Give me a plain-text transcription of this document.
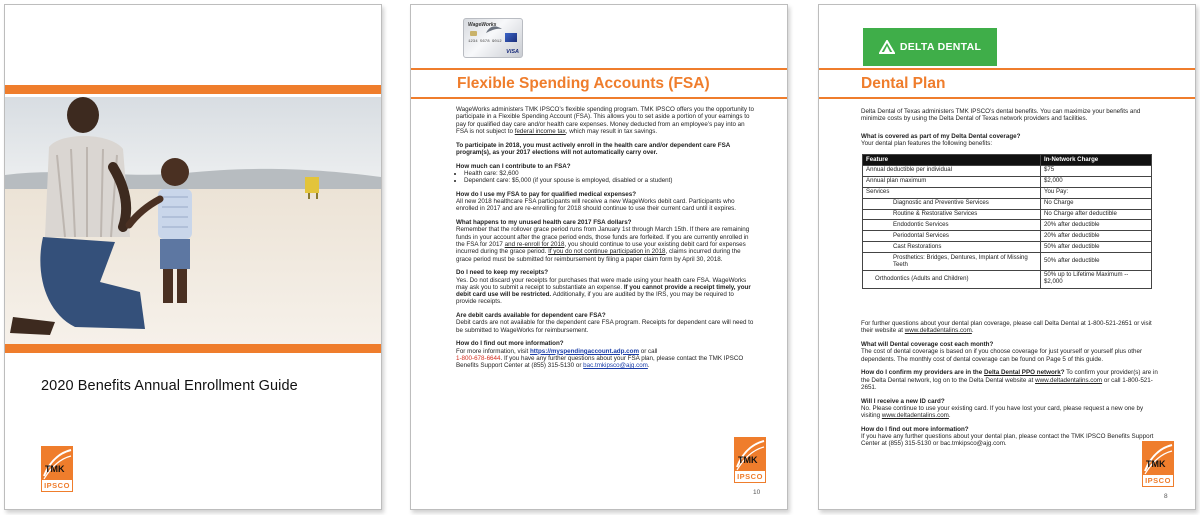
2020 Benefits Annual Enrollment Guide
TMK
IPSCO
WageWorks
1234 5678 9012
VISA
Flexible Spending Accounts (FSA)

WageWorks administers TMK IPSCO’s flexible spending program. TMK IPSCO offers you the opportunity to participate in a Flexible Spending Account (FSA). This allows you to set aside a portion of your earnings to pay for qualified day care and/or health care expenses. Money deducted from an employee’s pay into an FSA is not subject to federal income tax, which may result in tax savings.

To participate in 2018, you must actively enroll in the health care and/or dependent care FSA program(s), as your 2017 elections will not automatically carry over.

How much can I contribute to an FSA?
• Health care: $2,600
• Dependent care: $5,000 (if your spouse is employed, disabled or a student)
How do I use my FSA to pay for qualified medical expenses?

All new 2018 healthcare FSA participants will receive a new WageWorks debit card. Participants who enrolled in 2017 and are re-enrolling for 2018 should continue to use their current card until it expires.

What happens to my unused health care 2017 FSA dollars?

Remember that the rollover grace period runs from January 1st through March 15th. If there are remaining funds in your account after the grace period ends, those funds are forfeited. If you are currently enrolled in the FSA for 2017 and re-enroll for 2018, you should continue to use your existing debit card for expenses incurred during the grace period. If you do not continue participation in 2018, claims incurred during the grace period must be submitted for reimbursement by filing a paper claim form by April 30, 2018.

Do I need to keep my receipts?

Yes. Do not discard your receipts for purchases that were made using your health care FSA. WageWorks may ask you to submit a receipt to substantiate an expense. If you cannot provide a receipt timely, your debit card use will be restricted. Additionally, if you are audited by the IRS, you may be required to provide receipts.

Are debit cards available for dependent care FSA?

Debit cards are not available for the dependent care FSA program. Receipts for dependent care will need to be submitted to WageWorks for reimbursement.

How do I find out more information?

For more information, visit https://myspendingaccount.adp.com or call
1-800-678-6644. If you have any further questions about your FSA plan, please contact the TMK IPSCO Benefits Support Center at (855) 315-5130 or bac.tmkipsco@ajg.com.

TMK
IPSCO
10
DELTA DENTAL
Dental Plan
Delta Dental of Texas administers TMK IPSCO’s dental benefits. You can maximize your benefits and minimize costs by using the Delta Dental of Texas network providers and facilities.
What is covered as part of my Delta Dental coverage?
Your dental plan features the following benefits:
Feature	In-Network Charge
Annual deductible per individual	$75
Annual plan maximum	$2,000
Services	You Pay:
Diagnostic and Preventive Services	No Charge
Routine & Restorative Services	No Charge after deductible
Endodontic Services	20% after deductible
Periodontal Services	20% after deductible
Cast Restorations	50% after deductible
Prosthetics: Bridges, Dentures, Implant of Missing Teeth	50% after deductible
Orthodontics (Adults and Children)	50% up to Lifetime Maximum -- $2,000

For further questions about your dental plan coverage, please call Delta Dental at 1-800-521-2651 or visit their website at www.deltadentalins.com.

What will Dental coverage cost each month?

The cost of dental coverage is based on if you choose coverage for just yourself or yourself plus other dependents. The monthly cost of dental coverage can be found on Page 5 of this guide.

How do I confirm my providers are in the Delta Dental PPO network? To confirm your provider(s) are in the Delta Dental network, log on to the Delta Dental website at www.deltadentalins.com or call 1-800-521-2651.

Will I receive a new ID card?

No. Please continue to use your existing card. If you have lost your card, please request a new one by visiting www.deltadentalins.com.

How do I find out more information?

If you have any further questions about your dental plan, please contact the TMK IPSCO Benefits Support Center at (855) 315-5130 or bac.tmkipsco@ajg.com.

TMK
IPSCO
8
